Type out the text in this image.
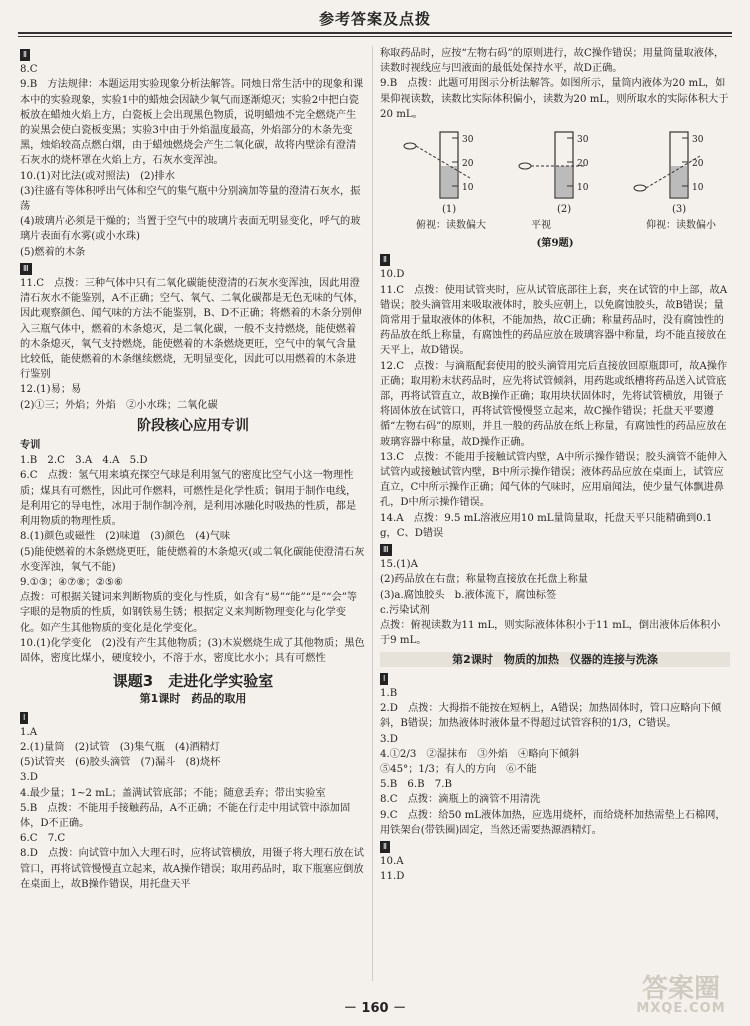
参考答案及点拨
Ⅱ

8.C

9.B　方法规律：本题运用实验现象分析法解答。同烛日常生活中的现象和课本中的实验现象，实验1中的蜡烛会因缺少氧气而逐渐熄灭；实验2中把白瓷板放在蜡烛火焰上方，白瓷板上会出现黑色物质，说明蜡烛不完全燃烧产生的炭黑会使白瓷板变黑；实验3中由于外焰温度最高，外焰部分的木条先变黑，烛焰较高点燃白烟，由于蜡烛燃烧会产生二氧化碳，故将内壁涂有澄清石灰水的烧杯罩在火焰上方，石灰水变浑浊。

10.(1)对比法(或对照法)　(2)排水

(3)往盛有等体积呼出气体和空气的集气瓶中分别滴加等量的澄清石灰水，振荡

(4)玻璃片必须是干燥的；当置于空气中的玻璃片表面无明显变化，呼气的玻璃片表面有水雾(或小水珠)

(5)燃着的木条

Ⅲ

11.C　点拨：三种气体中只有二氧化碳能使澄清的石灰水变浑浊，因此用澄清石灰水不能鉴别，A不正确；空气、氧气、二氧化碳都是无色无味的气体，因此观察颜色、闻气味的方法不能鉴别，B、D不正确；将燃着的木条分别伸入三瓶气体中，燃着的木条熄灭，是二氧化碳，一般不支持燃烧，能使燃着的木条熄灭，氧气支持燃烧，能使燃着的木条燃烧更旺，空气中的氧气含量比较低，能使燃着的木条继续燃烧，无明显变化，因此可以用燃着的木条进行鉴别

12.(1)易；易

(2)①三；外焰；外焰　②小水珠；二氧化碳

阶段核心应用专训
专训

1.B　2.C　3.A　4.A　5.D

6.C　点拨：氢气用来填充探空气球是利用氢气的密度比空气小这一物理性质；煤具有可燃性，因此可作燃料，可燃性是化学性质；铜用于制作电线，是利用它的导电性，冰用于制作制冷剂，是利用冰融化时吸热的性质，都是利用物质的物理性质。

8.(1)颜色或磁性　(2)味道　(3)颜色　(4)气味

(5)能使燃着的木条燃烧更旺，能使燃着的木条熄灭(或二氧化碳能使澄清石灰水变浑浊，氧气不能)

9.①③；④⑦⑧；②⑤⑥

点拨：可根据关键词来判断物质的变化与性质，如含有“易”“能”“是”“会”等字眼的是物质的性质，如钢铁易生锈；根据定义来判断物理变化与化学变化。如产生其他物质的变化是化学变化。

10.(1)化学变化　(2)没有产生其他物质；(3)木炭燃烧生成了其他物质；黑色固体，密度比煤小，硬度较小，不溶于水，密度比水小；具有可燃性

课题3　走进化学实验室
第1课时　药品的取用
Ⅰ

1.A

2.(1)量筒　(2)试管　(3)集气瓶　(4)酒精灯

(5)试管夹　(6)胶头滴管　(7)漏斗　(8)烧杯

3.D

4.最少量；1~2 mL；盖满试管底部；不能；随意丢弃；带出实验室

5.B　点拨：不能用手接触药品，A不正确；不能在行走中用试管中添加固体，D不正确。

6.C　7.C

8.D　点拨：向试管中加入大理石时，应将试管横放，用镊子将大理石放在试管口，再将试管慢慢直立起来，故A操作错误；取用药品时，取下瓶塞应倒放在桌面上，故B操作错误，用托盘天平

称取药品时，应按“左物右码”的原则进行，故C操作错误；用量筒量取液体，读数时视线应与凹液面的最低处保持水平，故D正确。

9.B　点拨：此题可用图示分析法解答。如图所示，量筒内液体为20 mL，如果仰视读数，读数比实际体积偏小，读数为20 mL，则所取水的实际体积大于20 mL。

30
20
10
(1)
俯视：读数偏大
30
20
10
(2)
平视
30
20
10
(3)
仰视：读数偏小
(第9题)
Ⅱ

10.D

11.C　点拨：使用试管夹时，应从试管底部往上套，夹在试管的中上部，故A错误；胶头滴管用来吸取液体时，胶头应朝上，以免腐蚀胶头，故B错误；量筒常用于量取液体的体积，不能加热，故C正确；称量药品时，没有腐蚀性的药品放在纸上称量，有腐蚀性的药品应放在玻璃容器中称量，均不能直接放在天平上，故D错误。

12.C　点拨：与滴瓶配套使用的胶头滴管用完后直接放回原瓶即可，故A操作正确；取用粉末状药品时，应先将试管倾斜，用药匙或纸槽将药品送入试管底部，再将试管直立，故B操作正确；取用块状固体时，先将试管横放，用镊子将固体放在试管口，再将试管慢慢竖立起来，故C操作错误；托盘天平要遵循“左物右码”的原则，并且一般的药品放在纸上称量，有腐蚀性的药品应放在玻璃容器中称量，故D操作正确。

13.C　点拨：不能用手接触试管内壁，A中所示操作错误；胶头滴管不能伸入试管内或接触试管内壁，B中所示操作错误；液体药品应放在桌面上，试管应直立，C中所示操作正确；闻气体的气味时，应用扇闻法，使少量气体飘进鼻孔，D中所示操作错误。

14.A　点拨：9.5 mL溶液应用10 mL量筒量取，托盘天平只能精确到0.1 g，C、D错误

Ⅲ

15.(1)A

(2)药品放在右盘；称量物直接放在托盘上称量

(3)a.腐蚀胶头　b.液体流下，腐蚀标签

c.污染试剂

点拨：俯视读数为11 mL，则实际液体体积小于11 mL，倒出液体后体积小于9 mL。

第2课时　物质的加热　仪器的连接与洗涤
Ⅰ

1.B

2.D　点拨：大拇指不能按在短柄上，A错误；加热固体时，管口应略向下倾斜，B错误；加热液体时液体量不得超过试管容积的1/3，C错误。

3.D

4.①2/3　②湿抹布　③外焰　④略向下倾斜

⑤45°；1/3；有人的方向　⑥不能

5.B　6.B　7.B

8.C　点拨：滴瓶上的滴管不用清洗

9.C　点拨：给50 mL液体加热，应选用烧杯，而给烧杯加热需垫上石棉网，用铁架台(带铁圈)固定，当然还需要热源酒精灯。

Ⅱ

10.A

11.D

－ 160 －
答案圈
MXQE.COM
